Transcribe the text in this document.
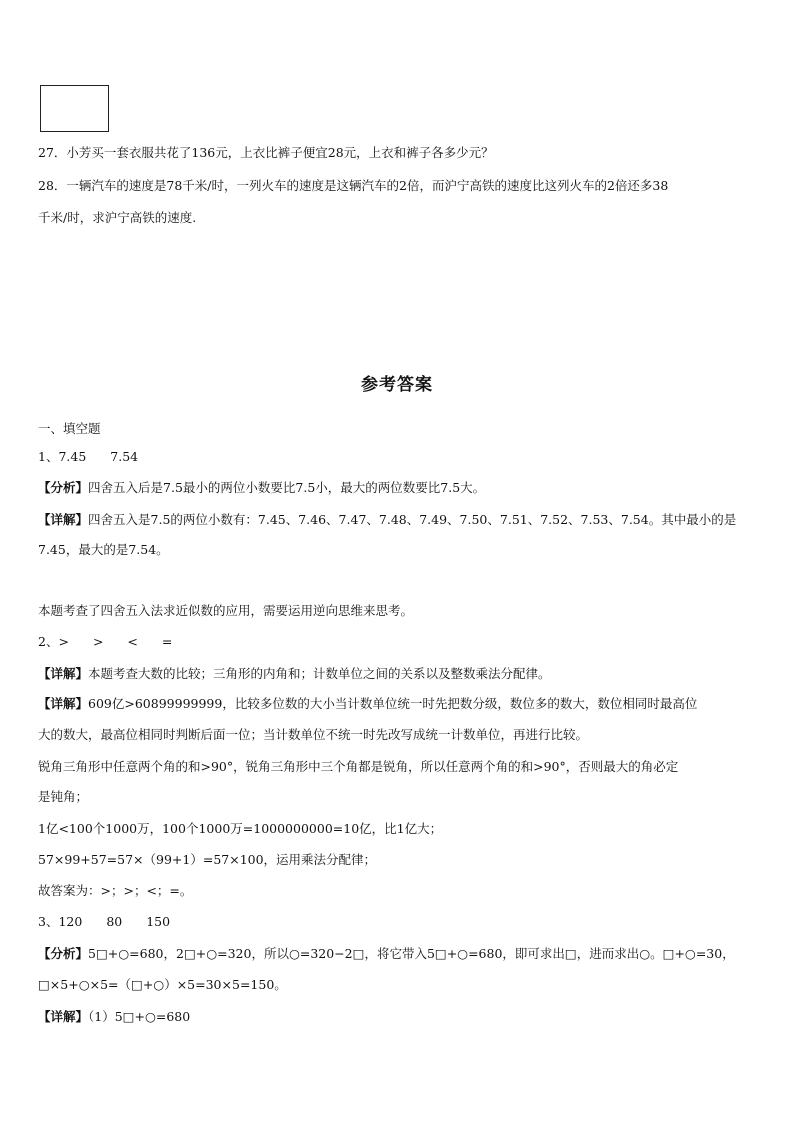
27．小芳买一套衣服共花了136元，上衣比裤子便宜28元，上衣和裤子各多少元？
28．一辆汽车的速度是78千米/时，一列火车的速度是这辆汽车的2倍，而沪宁高铁的速度比这列火车的2倍还多38
千米/时，求沪宁高铁的速度.
参考答案
一、填空题
1、7.45 7.54
【分析】四舍五入后是7.5最小的两位小数要比7.5小，最大的两位数要比7.5大。
【详解】四舍五入是7.5的两位小数有：7.45、7.46、7.47、7.48、7.49、7.50、7.51、7.52、7.53、7.54。其中最小的是
7.45，最大的是7.54。
本题考查了四舍五入法求近似数的应用，需要运用逆向思维来思考。
2、> > < =
【详解】本题考查大数的比较；三角形的内角和；计数单位之间的关系以及整数乘法分配律。
【详解】609亿>60899999999，比较多位数的大小当计数单位统一时先把数分级，数位多的数大，数位相同时最高位
大的数大，最高位相同时判断后面一位；当计数单位不统一时先改写成统一计数单位，再进行比较。
锐角三角形中任意两个角的和>90°，锐角三角形中三个角都是锐角，所以任意两个角的和>90°，否则最大的角必定
是钝角；
1亿<100个1000万，100个1000万=1000000000=10亿，比1亿大；
57×99+57=57×（99+1）=57×100，运用乘法分配律；
故答案为：>；>；<；=。
3、120 80 150
【分析】5□+○=680，2□+○=320，所以○=320−2□，将它带入5□+○=680，即可求出□，进而求出○。□+○=30，
□×5+○×5=（□+○）×5=30×5=150。
【详解】（1）5□+○=680
